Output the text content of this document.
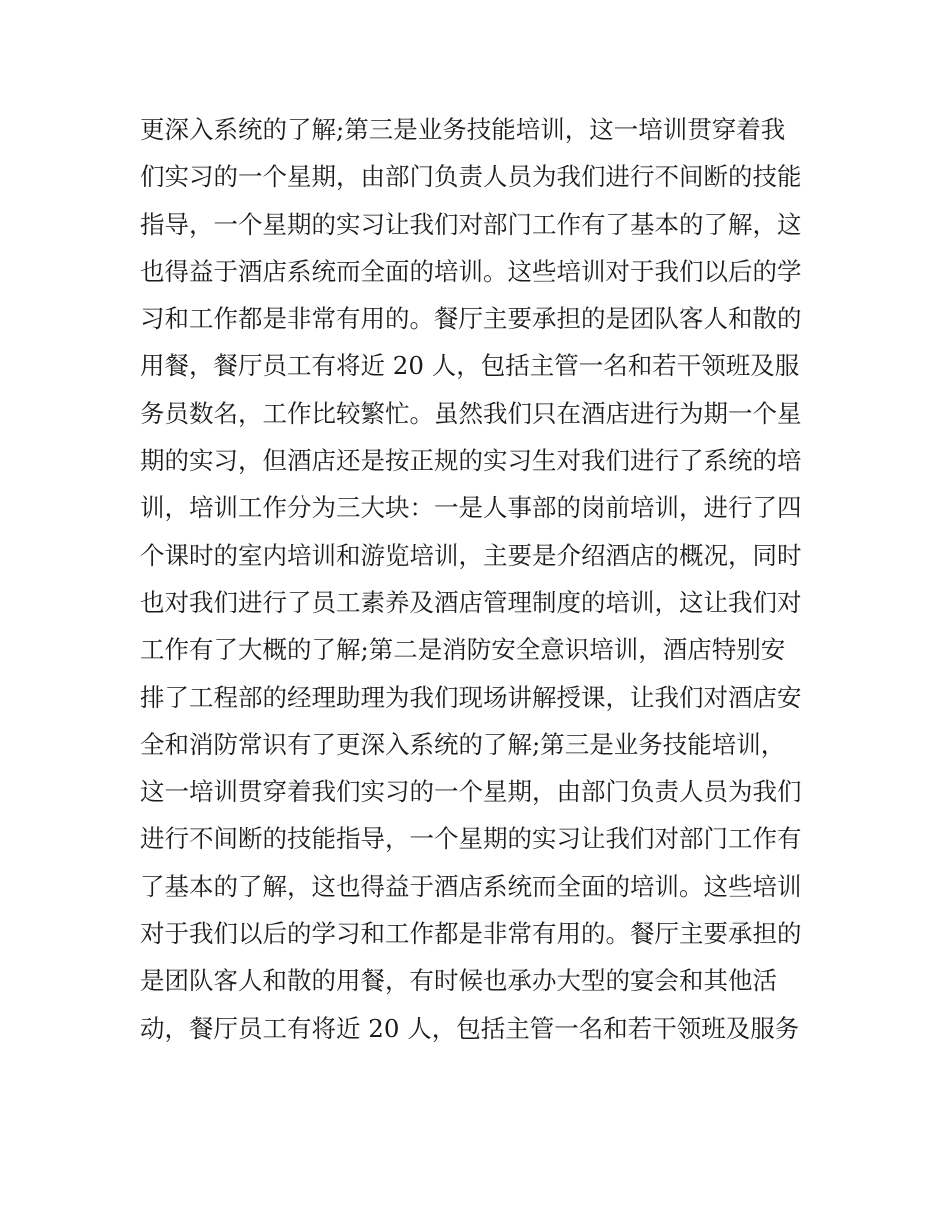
更深入系统的了解;第三是业务技能培训，这一培训贯穿着我
们实习的一个星期，由部门负责人员为我们进行不间断的技能
指导，一个星期的实习让我们对部门工作有了基本的了解，这
也得益于酒店系统而全面的培训。这些培训对于我们以后的学
习和工作都是非常有用的。餐厅主要承担的是团队客人和散的
用餐，餐厅员工有将近 20 人，包括主管一名和若干领班及服
务员数名，工作比较繁忙。虽然我们只在酒店进行为期一个星
期的实习，但酒店还是按正规的实习生对我们进行了系统的培
训，培训工作分为三大块：一是人事部的岗前培训，进行了四
个课时的室内培训和游览培训，主要是介绍酒店的概况，同时
也对我们进行了员工素养及酒店管理制度的培训，这让我们对
工作有了大概的了解;第二是消防安全意识培训，酒店特别安
排了工程部的经理助理为我们现场讲解授课，让我们对酒店安
全和消防常识有了更深入系统的了解;第三是业务技能培训，
这一培训贯穿着我们实习的一个星期，由部门负责人员为我们
进行不间断的技能指导，一个星期的实习让我们对部门工作有
了基本的了解，这也得益于酒店系统而全面的培训。这些培训
对于我们以后的学习和工作都是非常有用的。餐厅主要承担的
是团队客人和散的用餐，有时候也承办大型的宴会和其他活
动，餐厅员工有将近 20 人，包括主管一名和若干领班及服务
